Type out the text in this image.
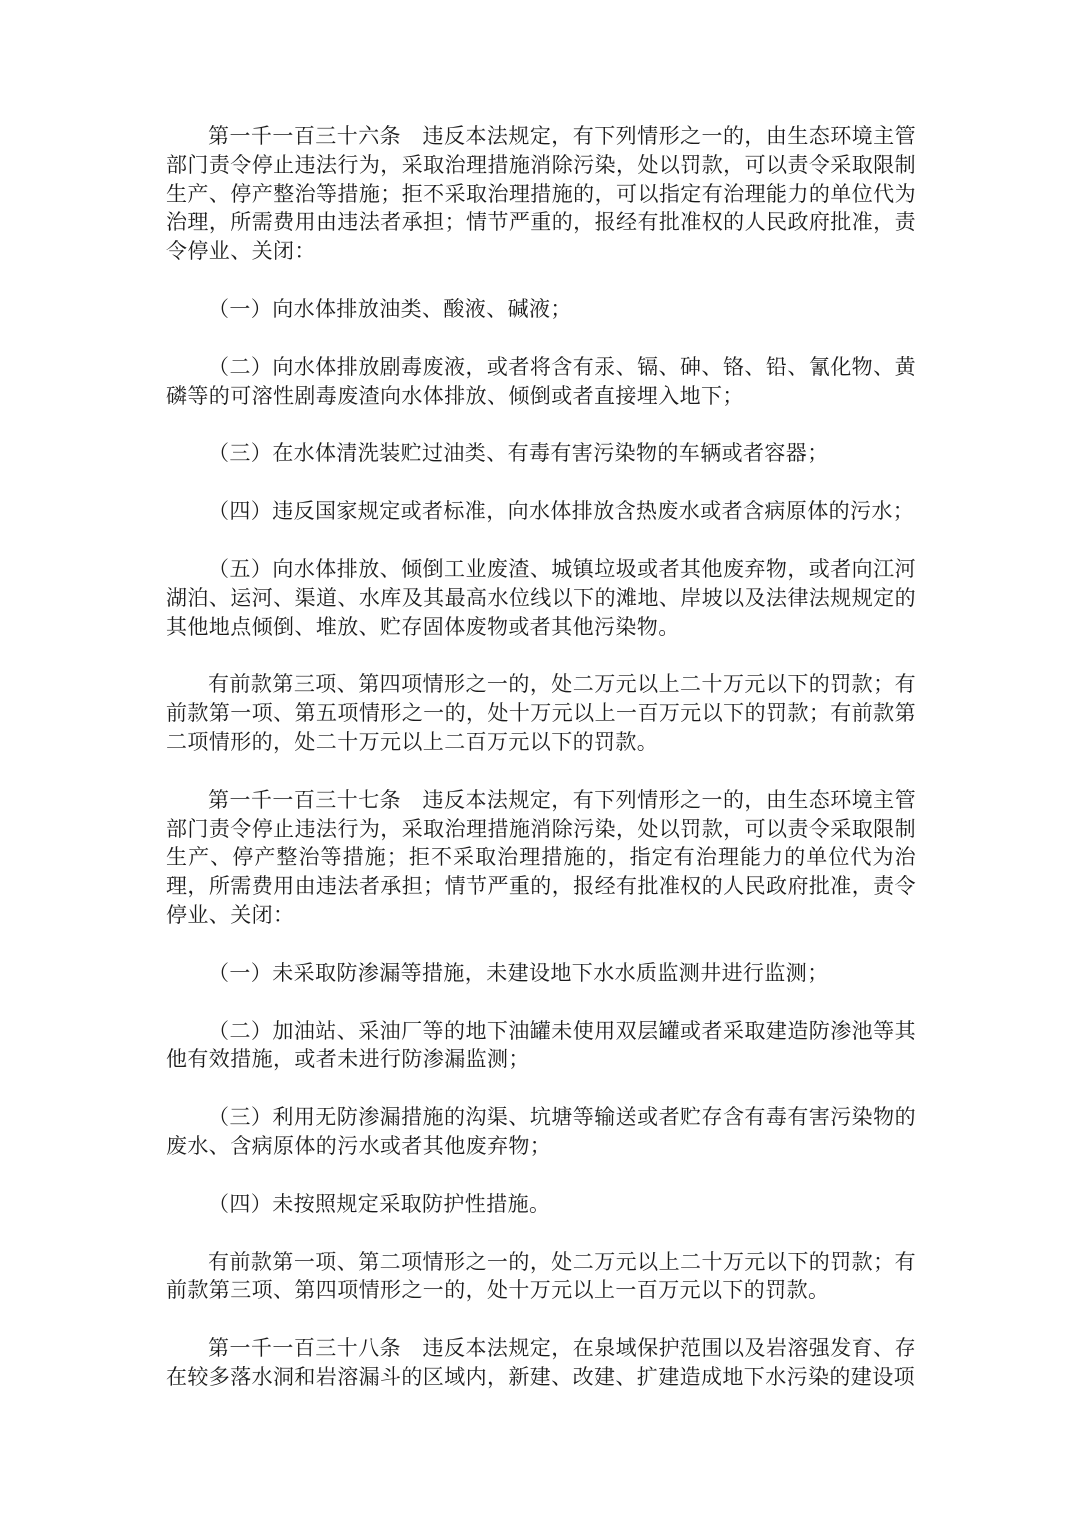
第一千一百三十六条　违反本法规定，有下列情形之一的，由生态环境主管部门责令停止违法行为，采取治理措施消除污染，处以罚款，可以责令采取限制生产、停产整治等措施；拒不采取治理措施的，可以指定有治理能力的单位代为治理，所需费用由违法者承担；情节严重的，报经有批准权的人民政府批准，责令停业、关闭：

（一）向水体排放油类、酸液、碱液；

（二）向水体排放剧毒废液，或者将含有汞、镉、砷、铬、铅、氰化物、黄磷等的可溶性剧毒废渣向水体排放、倾倒或者直接埋入地下；

（三）在水体清洗装贮过油类、有毒有害污染物的车辆或者容器；

（四）违反国家规定或者标准，向水体排放含热废水或者含病原体的污水；

（五）向水体排放、倾倒工业废渣、城镇垃圾或者其他废弃物，或者向江河湖泊、运河、渠道、水库及其最高水位线以下的滩地、岸坡以及法律法规规定的其他地点倾倒、堆放、贮存固体废物或者其他污染物。

有前款第三项、第四项情形之一的，处二万元以上二十万元以下的罚款；有前款第一项、第五项情形之一的，处十万元以上一百万元以下的罚款；有前款第二项情形的，处二十万元以上二百万元以下的罚款。

第一千一百三十七条　违反本法规定，有下列情形之一的，由生态环境主管部门责令停止违法行为，采取治理措施消除污染，处以罚款，可以责令采取限制生产、停产整治等措施；拒不采取治理措施的，指定有治理能力的单位代为治理，所需费用由违法者承担；情节严重的，报经有批准权的人民政府批准，责令停业、关闭：

（一）未采取防渗漏等措施，未建设地下水水质监测井进行监测；

（二）加油站、采油厂等的地下油罐未使用双层罐或者采取建造防渗池等其他有效措施，或者未进行防渗漏监测；

（三）利用无防渗漏措施的沟渠、坑塘等输送或者贮存含有毒有害污染物的废水、含病原体的污水或者其他废弃物；

（四）未按照规定采取防护性措施。

有前款第一项、第二项情形之一的，处二万元以上二十万元以下的罚款；有前款第三项、第四项情形之一的，处十万元以上一百万元以下的罚款。

第一千一百三十八条　违反本法规定，在泉域保护范围以及岩溶强发育、存在较多落水洞和岩溶漏斗的区域内，新建、改建、扩建造成地下水污染的建设项
